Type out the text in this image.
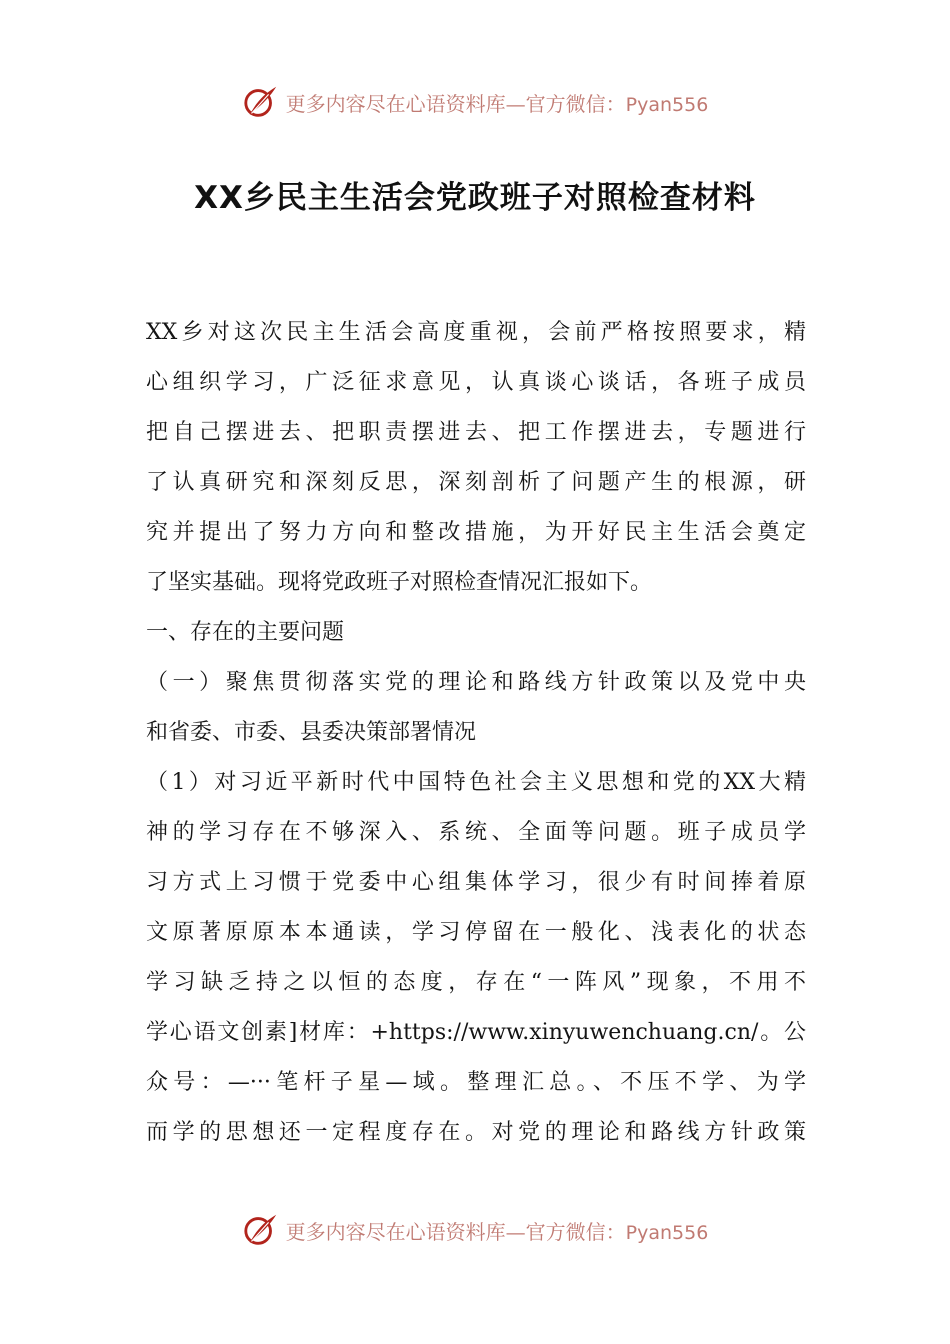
更多内容尽在心语资料库—官方微信：Pyan556
XX乡民主生活会党政班子对照检查材料
XX乡对这次民主生活会高度重视，会前严格按照要求，精
心组织学习，广泛征求意见，认真谈心谈话，各班子成员
把自己摆进去、把职责摆进去、把工作摆进去，专题进行
了认真研究和深刻反思，深刻剖析了问题产生的根源，研
究并提出了努力方向和整改措施，为开好民主生活会奠定
了坚实基础。现将党政班子对照检查情况汇报如下。
一、存在的主要问题
（一）聚焦贯彻落实党的理论和路线方针政策以及党中央
和省委、市委、县委决策部署情况
（1）对习近平新时代中国特色社会主义思想和党的XX大精
神的学习存在不够深入、系统、全面等问题。班子成员学
习方式上习惯于党委中心组集体学习，很少有时间捧着原
文原著原原本本通读，学习停留在一般化、浅表化的状态
学习缺乏持之以恒的态度，存在“一阵风”现象，不用不
学心语文创素]材库：+https://www.xinyuwenchuang.cn/。公
众号：—···笔杆子星—域。整理汇总。、不压不学、为学
而学的思想还一定程度存在。对党的理论和路线方针政策
更多内容尽在心语资料库—官方微信：Pyan556
